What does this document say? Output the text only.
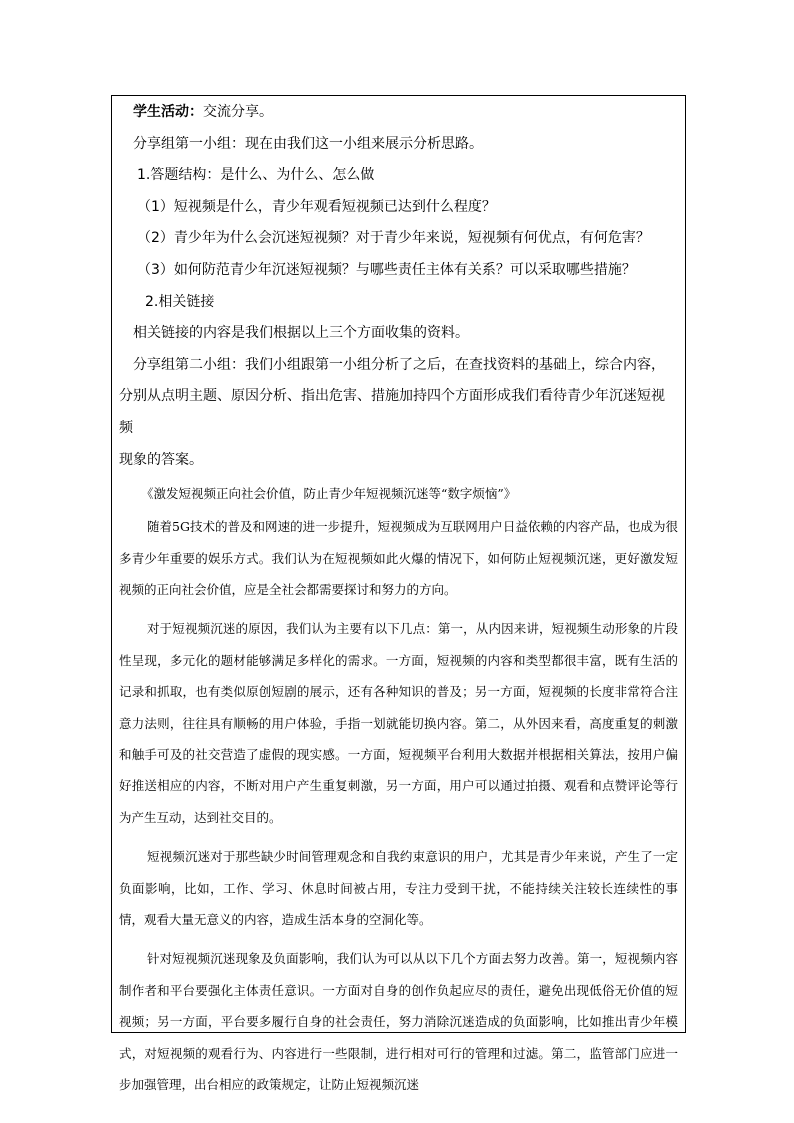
学生活动：交流分享。

分享组第一小组：现在由我们这一小组来展示分析思路。

1.答题结构：是什么、为什么、怎么做

（1）短视频是什么，青少年观看短视频已达到什么程度？

（2）青少年为什么会沉迷短视频？对于青少年来说，短视频有何优点，有何危害？

（3）如何防范青少年沉迷短视频？与哪些责任主体有关系？可以采取哪些措施？

2.相关链接

相关链接的内容是我们根据以上三个方面收集的资料。

分享组第二小组：我们小组跟第一小组分析了之后，在查找资料的基础上，综合内容，
分别从点明主题、原因分析、指出危害、措施加持四个方面形成我们看待青少年沉迷短视频
现象的答案。

《激发短视频正向社会价值，防止青少年短视频沉迷等“数字烦恼”》

随着5G技术的普及和网速的进一步提升，短视频成为互联网用户日益依赖的内容产品，也成为很多青少年重要的娱乐方式。我们认为在短视频如此火爆的情况下，如何防止短视频沉迷，更好激发短视频的正向社会价值，应是全社会都需要探讨和努力的方向。

对于短视频沉迷的原因，我们认为主要有以下几点：第一，从内因来讲，短视频生动形象的片段性呈现，多元化的题材能够满足多样化的需求。一方面，短视频的内容和类型都很丰富，既有生活的记录和抓取，也有类似原创短剧的展示，还有各种知识的普及；另一方面，短视频的长度非常符合注意力法则，往往具有顺畅的用户体验，手指一划就能切换内容。第二，从外因来看，高度重复的刺激和触手可及的社交营造了虚假的现实感。一方面，短视频平台利用大数据并根据相关算法，按用户偏好推送相应的内容，不断对用户产生重复刺激，另一方面，用户可以通过拍摄、观看和点赞评论等行为产生互动，达到社交目的。

短视频沉迷对于那些缺少时间管理观念和自我约束意识的用户，尤其是青少年来说，产生了一定负面影响，比如，工作、学习、休息时间被占用，专注力受到干扰，不能持续关注较长连续性的事情，观看大量无意义的内容，造成生活本身的空洞化等。

针对短视频沉迷现象及负面影响，我们认为可以从以下几个方面去努力改善。第一，短视频内容制作者和平台要强化主体责任意识。一方面对自身的创作负起应尽的责任，避免出现低俗无价值的短视频；另一方面，平台要多履行自身的社会责任，努力消除沉迷造成的负面影响，比如推出青少年模式，对短视频的观看行为、内容进行一些限制，进行相对可行的管理和过滤。第二，监管部门应进一步加强管理，出台相应的政策规定，让防止短视频沉迷
